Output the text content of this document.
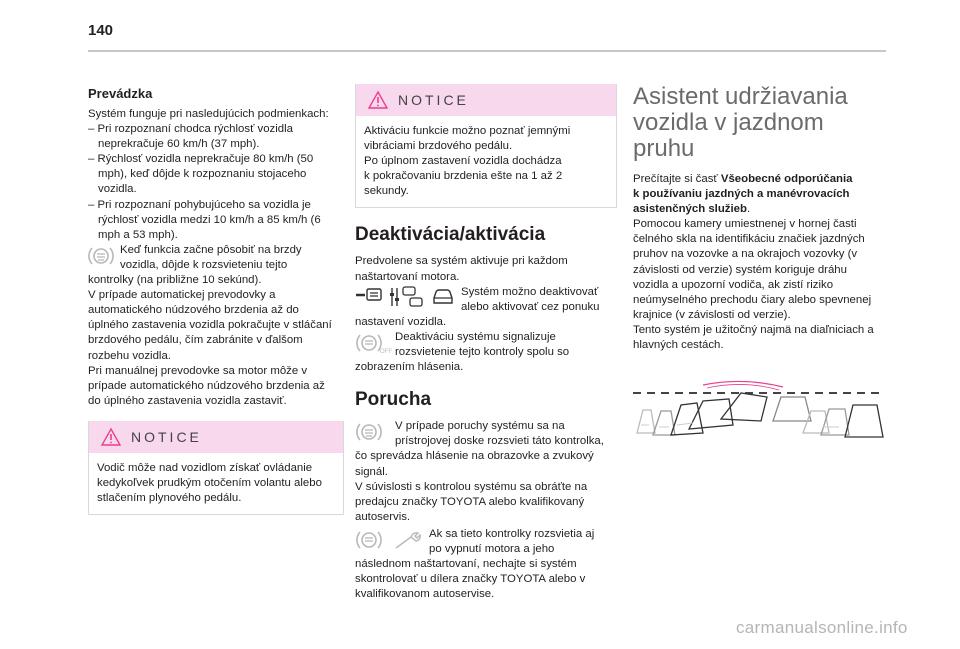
140
Prevádzka
Systém funguje pri nasledujúcich podmienkach:
– Pri rozpoznaní chodca rýchlosť vozidla
neprekračuje 60 km/h (37 mph).
– Rýchlosť vozidla neprekračuje 80 km/h (50
mph), keď dôjde k rozpoznaniu stojaceho
vozidla.
– Pri rozpoznaní pohybujúceho sa vozidla je
rýchlosť vozidla medzi 10 km/h a 85 km/h (6
mph a 53 mph).
Keď funkcia začne pôsobiť na brzdy
vozidla, dôjde k rozsvieteniu tejto
kontrolky (na približne 10 sekúnd).
V prípade automatickej prevodovky a
automatického núdzového brzdenia až do
úplného zastavenia vozidla pokračujte v stláčaní
brzdového pedálu, čím zabránite v ďalšom
rozbehu vozidla.
Pri manuálnej prevodovke sa motor môže v
prípade automatického núdzového brzdenia až
do úplného zastavenia vozidla zastaviť.
NOTICE
Vodič môže nad vozidlom získať ovládanie
kedykoľvek prudkým otočením volantu alebo
stlačením plynového pedálu.
NOTICE
Aktiváciu funkcie možno poznať jemnými
vibráciami brzdového pedálu.
Po úplnom zastavení vozidla dochádza
k pokračovaniu brzdenia ešte na 1 až 2
sekundy.
Deaktivácia/aktivácia
Predvolene sa systém aktivuje pri každom
naštartovaní motora.
Systém možno deaktivovať
alebo aktivovať cez ponuku
nastavení vozidla.
OFF
Deaktiváciu systému signalizuje
rozsvietenie tejto kontroly spolu so
zobrazením hlásenia.
Porucha
V prípade poruchy systému sa na
prístrojovej doske rozsvieti táto kontrolka,
čo sprevádza hlásenie na obrazovke a zvukový
signál.
V súvislosti s kontrolou systému sa obráťte na
predajcu značky TOYOTA alebo kvalifikovaný
autoservis.
Ak sa tieto kontrolky rozsvietia aj
po vypnutí motora a jeho
následnom naštartovaní, nechajte si systém
skontrolovať u dílera značky TOYOTA alebo v
kvalifikovanom autoservise.
Asistent udržiavania
vozidla v jazdnom pruhu
Prečítajte si časť Všeobecné odporúčania
k používaniu jazdných a manévrovacích
asistenčných služieb.
Pomocou kamery umiestnenej v hornej časti
čelného skla na identifikáciu značiek jazdných
pruhov na vozovke a na okrajoch vozovky (v
závislosti od verzie) systém koriguje dráhu
vozidla a upozorní vodiča, ak zistí riziko
neúmyselného prechodu čiary alebo spevnenej
krajnice (v závislosti od verzie).
Tento systém je užitočný najmä na diaľniciach a
hlavných cestách.
carmanualsonline.info
